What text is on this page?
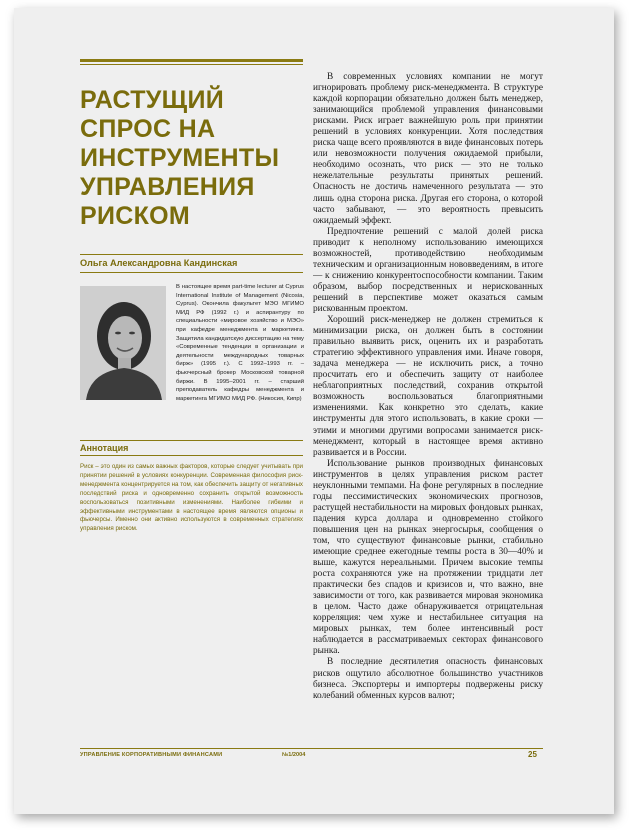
РАСТУЩИЙ
СПРОС НА
ИНСТРУМЕНТЫ
УПРАВЛЕНИЯ
РИСКОМ
Ольга Александровна Кандинская
В настоящее время part-time lecturer at Cyprus International Institute of Management (Nicosia, Cyprus). Окончила факультет МЭО МГИМО МИД РФ (1992 г.) и аспирантуру по специальности «мировое хозяйство и МЭО» при кафедре менеджмента и маркетинга. Защитила кандидатскую диссертацию на тему «Современные тенденции в организации и деятельности международных товарных бирж» (1995 г.). С 1992–1993 гг. – фьючерсный брокер Московской товарной биржи. В 1995–2001 гг. – старший преподаватель кафедры менеджмента и маркетинга МГИМО МИД РФ. (Никосия, Кипр)
Аннотация
Риск – это один из самых важных факторов, которые следует учитывать при принятии решений в условиях конкуренции. Современная философия риск-менеджмента концентрируется на том, как обеспечить защиту от негативных последствий риска и одновременно сохранить открытой возможность воспользоваться позитивными изменениями. Наиболее гибкими и эффективными инструментами в настоящее время являются опционы и фьючерсы. Именно они активно используются в современных стратегиях управления риском.

В современных условиях компании не могут игнорировать проблему риск-менеджмента. В структуре каждой корпорации обязательно должен быть менеджер, занимающийся проблемой управления финансовыми рисками. Риск играет важнейшую роль при принятии решений в условиях конкуренции. Хотя последствия риска чаще всего проявляются в виде финансовых потерь или невозможности получения ожидаемой прибыли, необходимо осознать, что риск — это не только нежелательные результаты принятых решений. Опасность не достичь намеченного результата — это лишь одна сторона риска. Другая его сторона, о которой часто забывают, — это вероятность превысить ожидаемый эффект.

Предпочтение решений с малой долей риска приводит к неполному использованию имеющихся возможностей, противодействию необходимым техническим и организационным нововведениям, в итоге — к снижению конкурентоспособности компании. Таким образом, выбор посредственных и нерискованных решений в перспективе может оказаться самым рискованным проектом.

Хороший риск-менеджер не должен стремиться к минимизации риска, он должен быть в состоянии правильно выявить риск, оценить их и разработать стратегию эффективного управления ими. Иначе говоря, задача менеджера — не исключить риск, а точно просчитать его и обеспечить защиту от наиболее неблагоприятных последствий, сохранив открытой возможность воспользоваться благоприятными изменениями. Как конкретно это сделать, какие инструменты для этого использовать, в какие сроки — этими и многими другими вопросами занимается риск-менеджмент, который в настоящее время активно развивается и в России.

Использование рынков производных финансовых инструментов в целях управления риском растет неуклонными темпами. На фоне регулярных в последние годы пессимистических экономических прогнозов, растущей нестабильности на мировых фондовых рынках, падения курса доллара и одновременно стойкого повышения цен на рынках энергосырья, сообщения о том, что существуют финансовые рынки, стабильно имеющие среднее ежегодные темпы роста в 30—40% и выше, кажутся нереальными. Причем высокие темпы роста сохраняются уже на протяжении тридцати лет практически без спадов и кризисов и, что важно, вне зависимости от того, как развивается мировая экономика в целом. Часто даже обнаруживается отрицательная корреляция: чем хуже и нестабильнее ситуация на мировых рынках, тем более интенсивный рост наблюдается в рассматриваемых секторах финансового рынка.

В последние десятилетия опасность финансовых рисков ощутило абсолютное большинство участников бизнеса. Экспортеры и импортеры подвержены риску колебаний обменных курсов валют;

УПРАВЛЕНИЕ КОРПОРАТИВНЫМИ ФИНАНСАМИ	№1/2004	25
